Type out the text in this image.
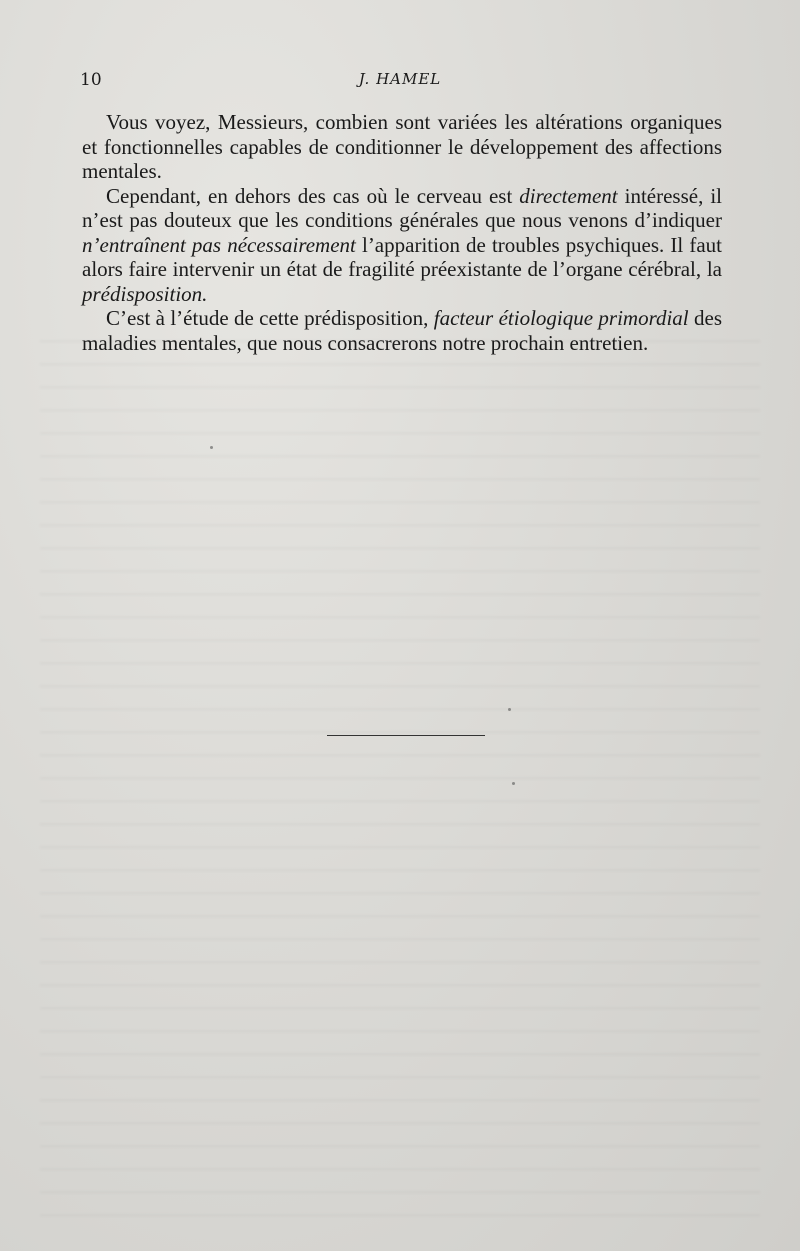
10	J. HAMEL

Vous voyez, Messieurs, combien sont variées les altérations organiques et fonctionnelles capables de conditionner le développement des affections mentales.

Cependant, en dehors des cas où le cerveau est directement intéressé, il n’est pas douteux que les conditions générales que nous venons d’indiquer n’entraînent pas nécessairement l’apparition de troubles psychiques. Il faut alors faire intervenir un état de fragilité préexistante de l’organe cérébral, la prédisposition.

C’est à l’étude de cette prédisposition, facteur étiologique primordial des maladies mentales, que nous consacrerons notre prochain entretien.
